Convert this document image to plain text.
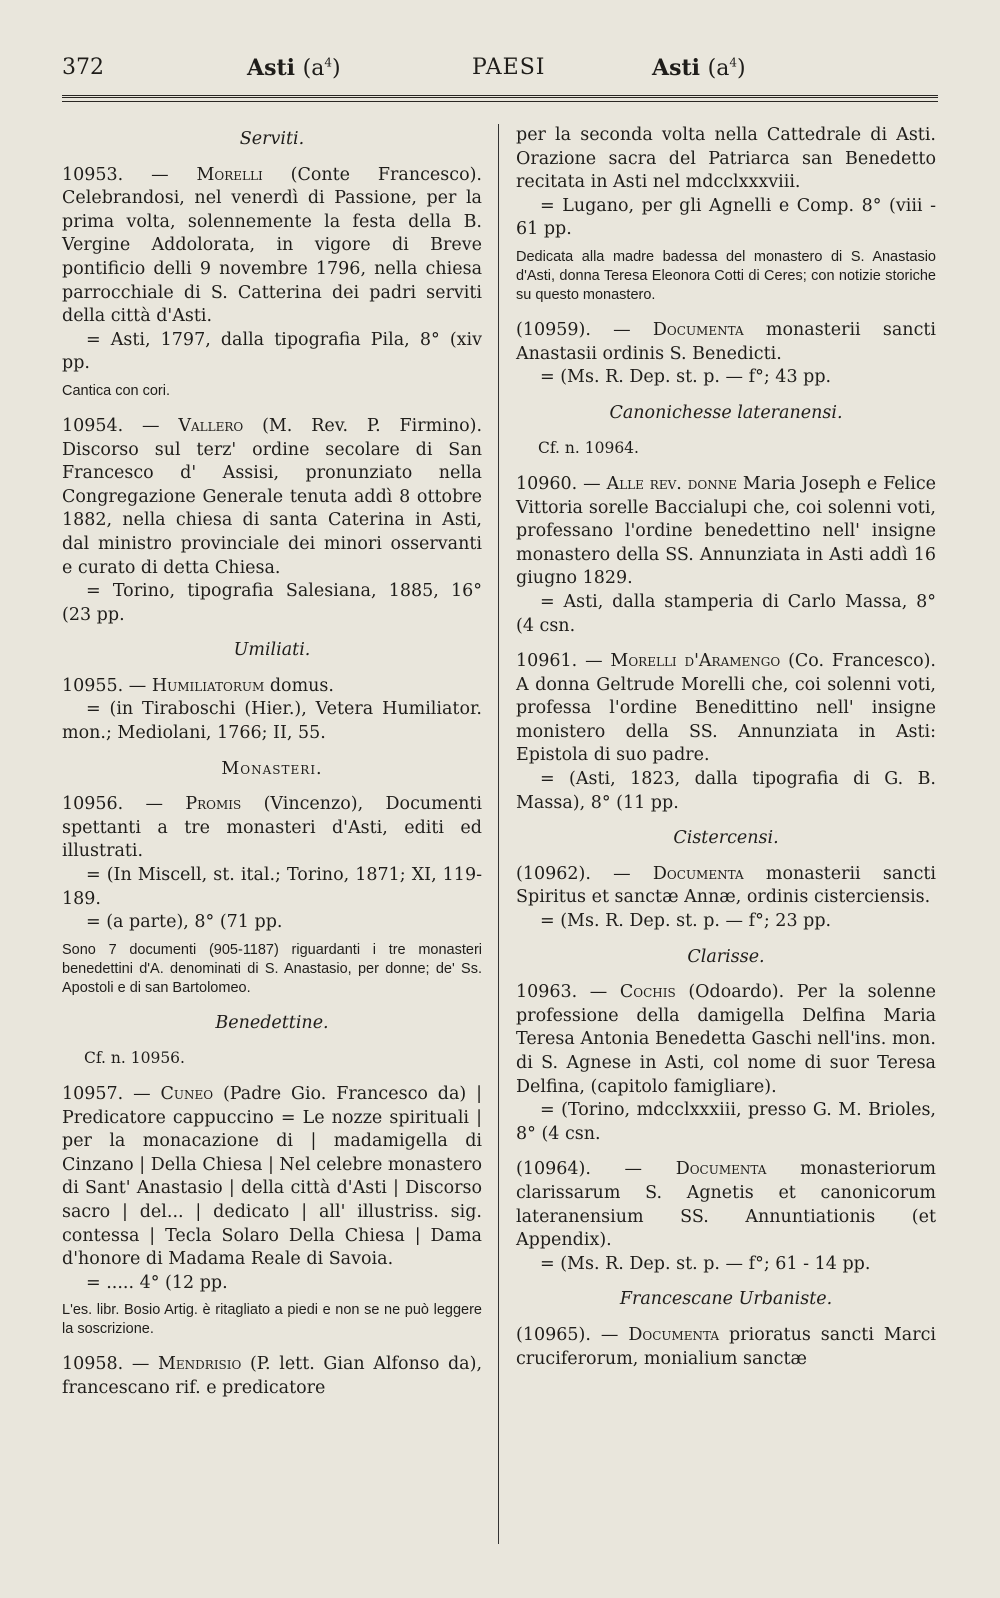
372	Asti $(a^4)$	PAESI	Asti $(a^4)$
Serviti.

10953. — Morelli (Conte Francesco). Celebrandosi, nel venerdì di Passione, per la prima volta, solennemente la festa della B. Vergine Addolorata, in vigore di Breve pontificio delli 9 novembre 1796, nella chiesa parrocchiale di S. Catterina dei padri serviti della città d'Asti.

= Asti, 1797, dalla tipografia Pila, 8° (xiv pp.

Cantica con cori.

10954. — Vallero (M. Rev. P. Firmino). Discorso sul terz' ordine secolare di San Francesco d' Assisi, pronunziato nella Congregazione Generale tenuta addì 8 ottobre 1882, nella chiesa di santa Caterina in Asti, dal ministro provinciale dei minori osservanti e curato di detta Chiesa.

= Torino, tipografia Salesiana, 1885, 16° (23 pp.

Umiliati.

10955. — Humiliatorum domus.

= (in Tiraboschi (Hier.), Vetera Humiliator. mon.; Mediolani, 1766; II, 55.

Monasteri.

10956. — Promis (Vincenzo), Documenti spettanti a tre monasteri d'Asti, editi ed illustrati.

= (In Miscell, st. ital.; Torino, 1871; XI, 119-189.

= (a parte), 8° (71 pp.

Sono 7 documenti (905-1187) riguardanti i tre monasteri benedettini d'A. denominati di S. Anastasio, per donne; de' Ss. Apostoli e di san Bartolomeo.
Benedettine.
Cf. n. 10956.

10957. — Cuneo (Padre Gio. Francesco da) | Predicatore cappuccino = Le nozze spirituali | per la monacazione di | madamigella di Cinzano | Della Chiesa | Nel celebre monastero di Sant' Anastasio | della città d'Asti | Discorso sacro | del... | dedicato | all' illustriss. sig. contessa | Tecla Solaro Della Chiesa | Dama d'honore di Madama Reale di Savoia.

= ..... 4° (12 pp.

L'es. libr. Bosio Artig. è ritagliato a piedi e non se ne può leggere la soscrizione.

10958. — Mendrisio (P. lett. Gian Alfonso da), francescano rif. e predicatore

per la seconda volta nella Cattedrale di Asti. Orazione sacra del Patriarca san Benedetto recitata in Asti nel mdcclxxxviii.

= Lugano, per gli Agnelli e Comp. 8° (viii - 61 pp.

Dedicata alla madre badessa del monastero di S. Anastasio d'Asti, donna Teresa Eleonora Cotti di Ceres; con notizie storiche su questo monastero.

(10959). — Documenta monasterii sancti Anastasii ordinis S. Benedicti.

= (Ms. R. Dep. st. p. — f°; 43 pp.

Canonichesse lateranensi.
Cf. n. 10964.

10960. — Alle rev. donne Maria Joseph e Felice Vittoria sorelle Baccialupi che, coi solenni voti, professano l'ordine benedettino nell' insigne monastero della SS. Annunziata in Asti addì 16 giugno 1829.

= Asti, dalla stamperia di Carlo Massa, 8° (4 csn.

10961. — Morelli d'Aramengo (Co. Francesco). A donna Geltrude Morelli che, coi solenni voti, professa l'ordine Benedittino nell' insigne monistero della SS. Annunziata in Asti: Epistola di suo padre.

= (Asti, 1823, dalla tipografia di G. B. Massa), 8° (11 pp.

Cistercensi.

(10962). — Documenta monasterii sancti Spiritus et sanctæ Annæ, ordinis cisterciensis.

= (Ms. R. Dep. st. p. — f°; 23 pp.

Clarisse.

10963. — Cochis (Odoardo). Per la solenne professione della damigella Delfina Maria Teresa Antonia Benedetta Gaschi nell'ins. mon. di S. Agnese in Asti, col nome di suor Teresa Delfina, (capitolo famigliare).

= (Torino, mdcclxxxiii, presso G. M. Brioles, 8° (4 csn.

(10964). — Documenta monasteriorum clarissarum S. Agnetis et canonicorum lateranensium SS. Annuntiationis (et Appendix).

= (Ms. R. Dep. st. p. — f°; 61 - 14 pp.

Francescane Urbaniste.

(10965). — Documenta prioratus sancti Marci cruciferorum, monialium sanctæ
